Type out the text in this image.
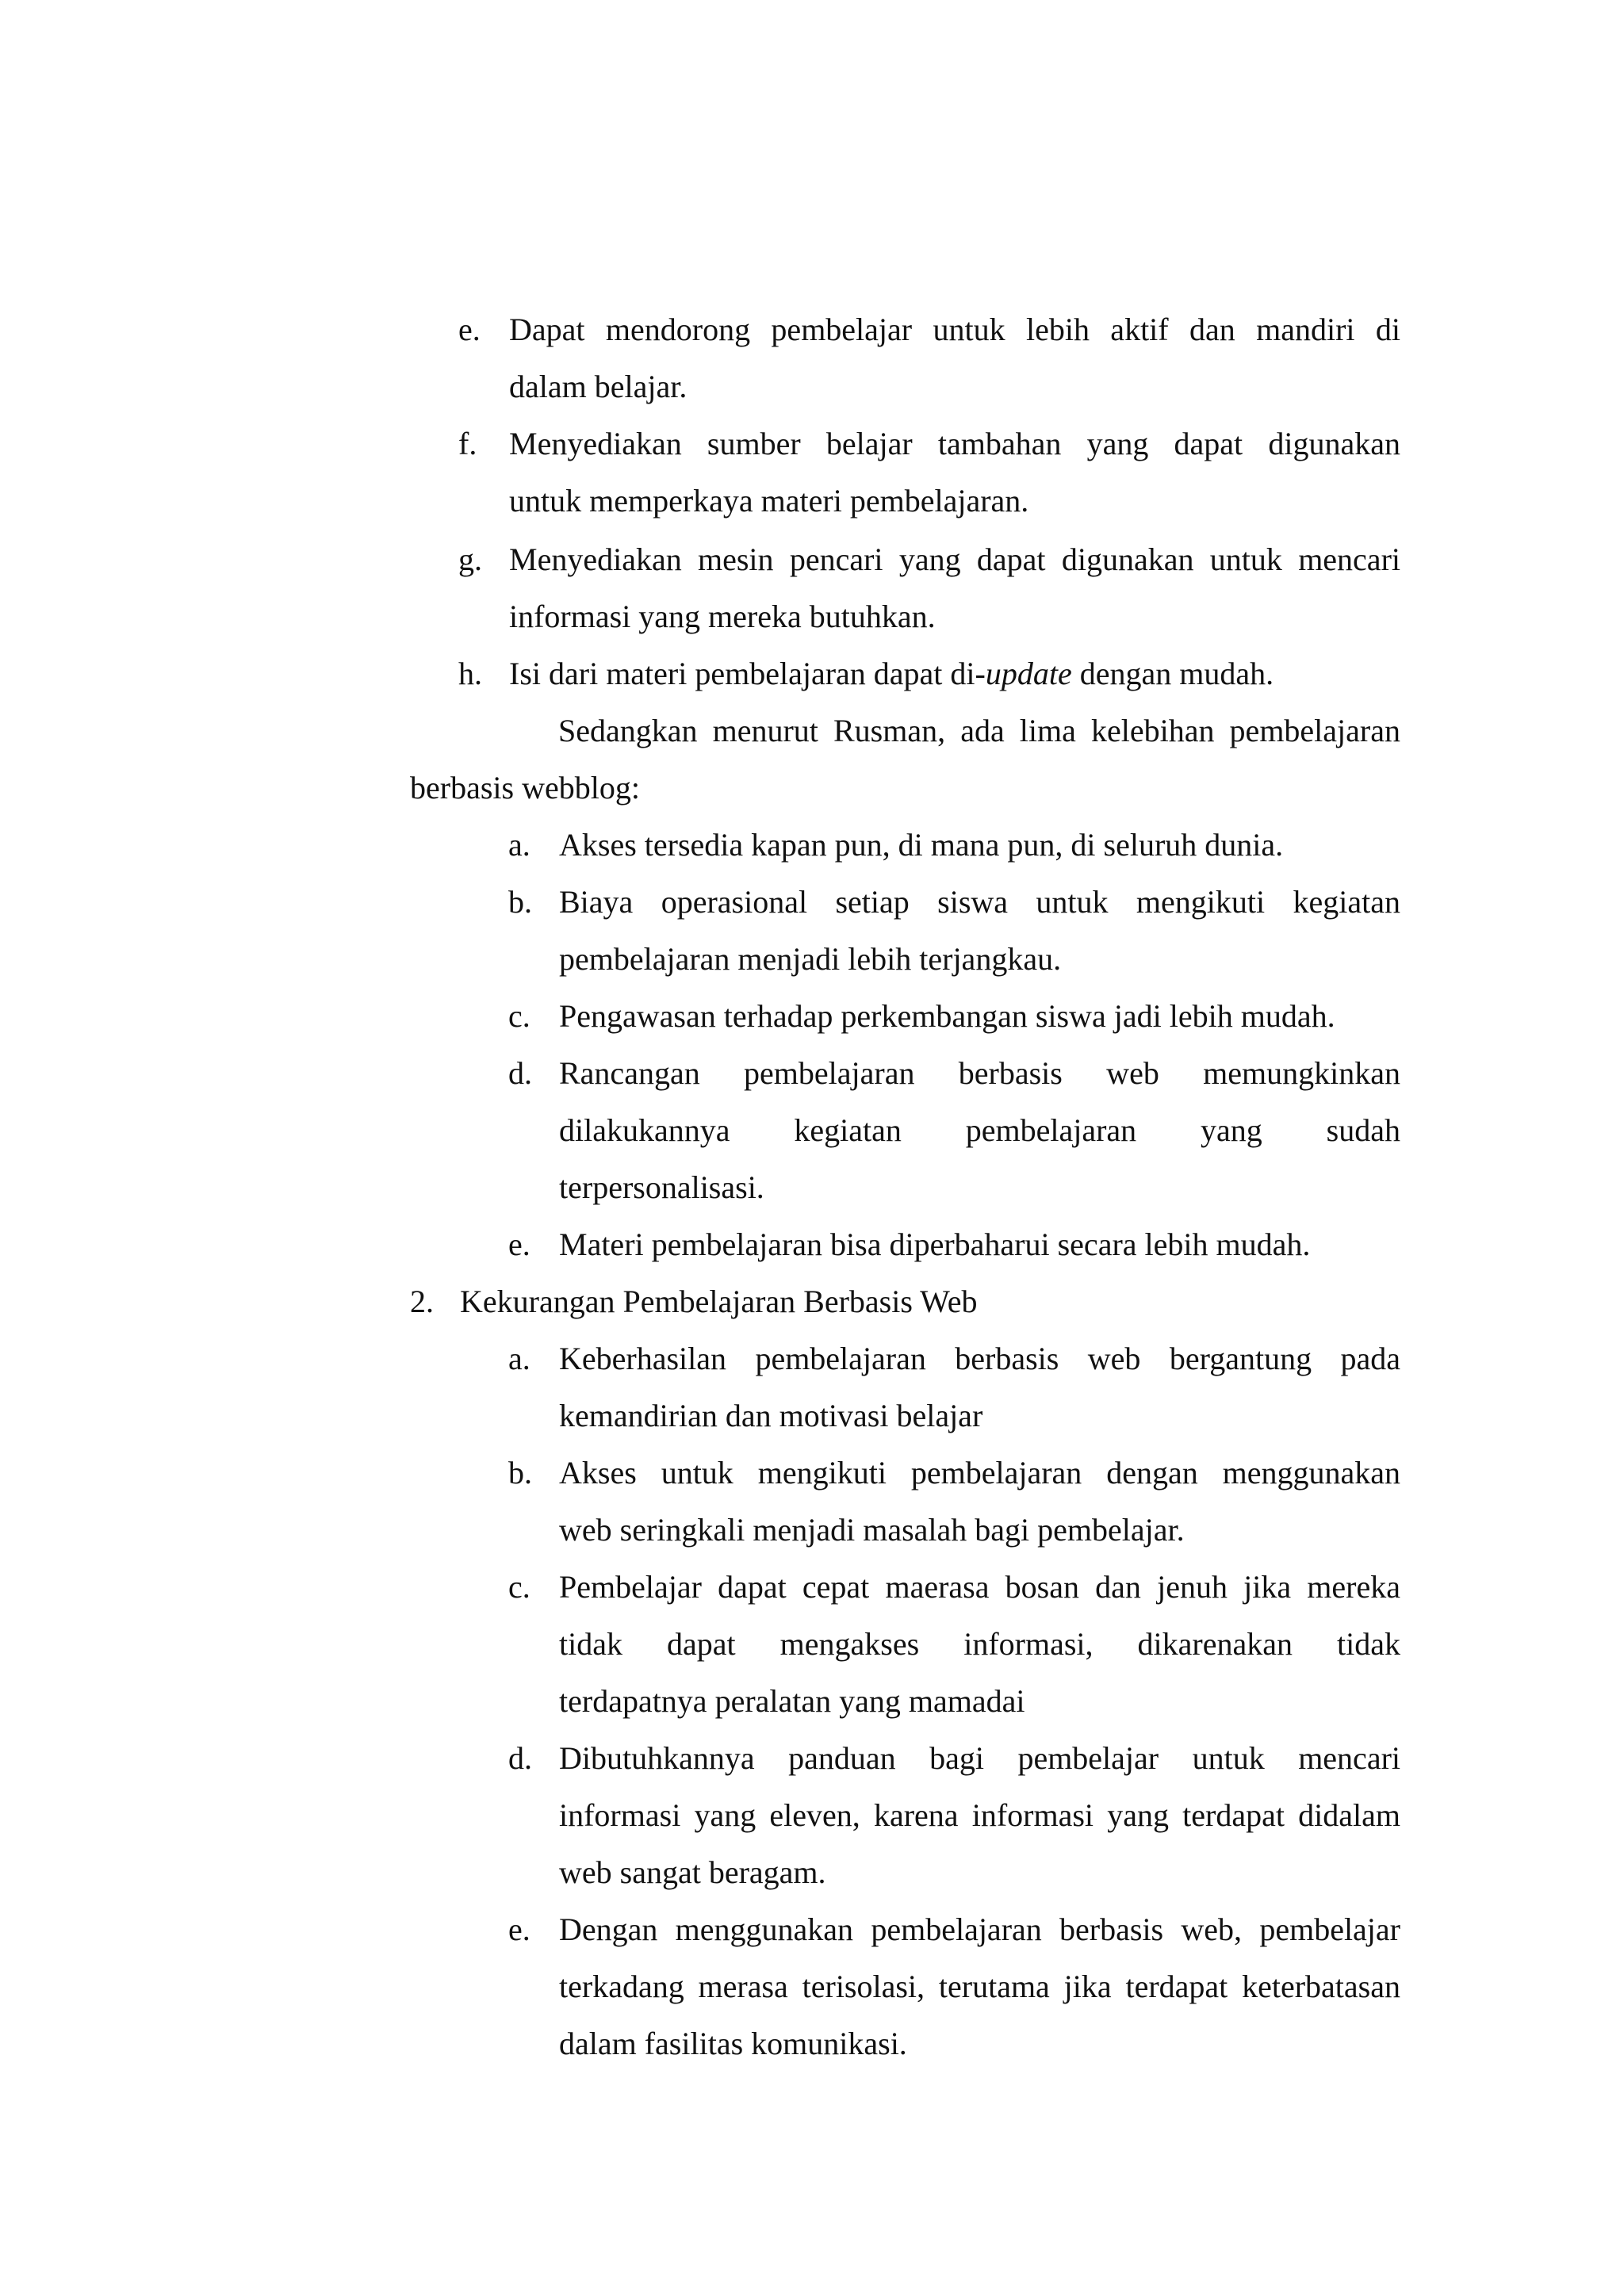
e. Dapat mendorong pembelajar untuk lebih aktif dan mandiri di
dalam belajar.
f. Menyediakan sumber belajar tambahan yang dapat digunakan
untuk memperkaya materi pembelajaran.
g. Menyediakan mesin pencari yang dapat digunakan untuk mencari
informasi yang mereka butuhkan.
h. Isi dari materi pembelajaran dapat di-update dengan mudah.
Sedangkan menurut Rusman, ada lima kelebihan pembelajaran
berbasis webblog:
a. Akses tersedia kapan pun, di mana pun, di seluruh dunia.
b. Biaya operasional setiap siswa untuk mengikuti kegiatan
pembelajaran menjadi lebih terjangkau.
c. Pengawasan terhadap perkembangan siswa jadi lebih mudah.
d. Rancangan pembelajaran berbasis web memungkinkan
dilakukannya kegiatan pembelajaran yang sudah
terpersonalisasi.
e. Materi pembelajaran bisa diperbaharui secara lebih mudah.
2. Kekurangan Pembelajaran Berbasis Web
a. Keberhasilan pembelajaran berbasis web bergantung pada
kemandirian dan motivasi belajar
b. Akses untuk mengikuti pembelajaran dengan menggunakan
web seringkali menjadi masalah bagi pembelajar.
c. Pembelajar dapat cepat maerasa bosan dan jenuh jika mereka
tidak dapat mengakses informasi, dikarenakan tidak
terdapatnya peralatan yang mamadai
d. Dibutuhkannya panduan bagi pembelajar untuk mencari
informasi yang eleven, karena informasi yang terdapat didalam
web sangat beragam.
e. Dengan menggunakan pembelajaran berbasis web, pembelajar
terkadang merasa terisolasi, terutama jika terdapat keterbatasan
dalam fasilitas komunikasi.
